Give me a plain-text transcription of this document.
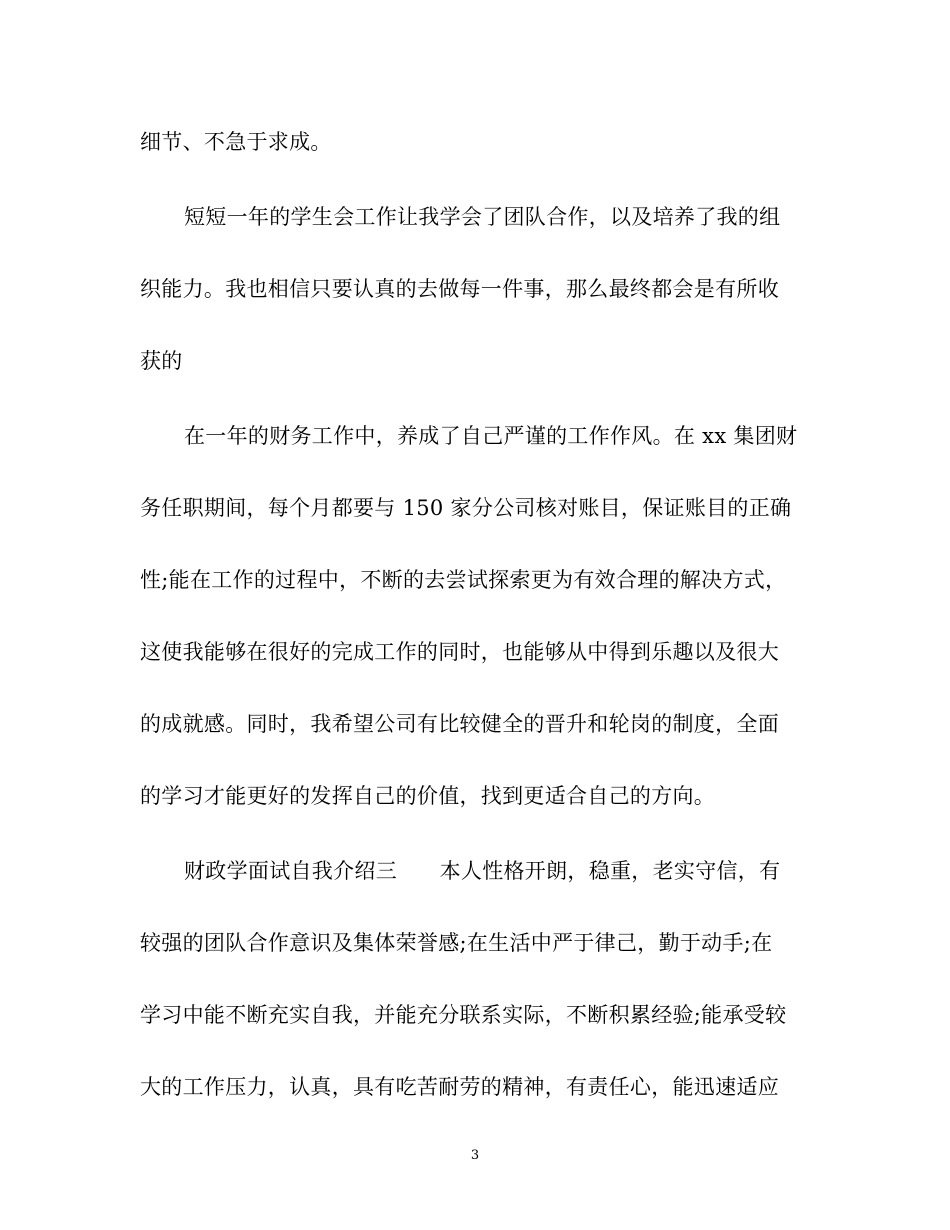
细节、不急于求成。
短短一年的学生会工作让我学会了团队合作，以及培养了我的组
织能力。我也相信只要认真的去做每一件事，那么最终都会是有所收
获的
在一年的财务工作中，养成了自己严谨的工作作风。在 xx 集团财
务任职期间，每个月都要与 150 家分公司核对账目，保证账目的正确
性;能在工作的过程中，不断的去尝试探索更为有效合理的解决方式，
这使我能够在很好的完成工作的同时，也能够从中得到乐趣以及很大
的成就感。同时，我希望公司有比较健全的晋升和轮岗的制度，全面
的学习才能更好的发挥自己的价值，找到更适合自己的方向。
财政学面试自我介绍三　　本人性格开朗，稳重，老实守信，有
较强的团队合作意识及集体荣誉感;在生活中严于律己，勤于动手;在
学习中能不断充实自我，并能充分联系实际，不断积累经验;能承受较
大的工作压力，认真，具有吃苦耐劳的精神，有责任心，能迅速适应
3
